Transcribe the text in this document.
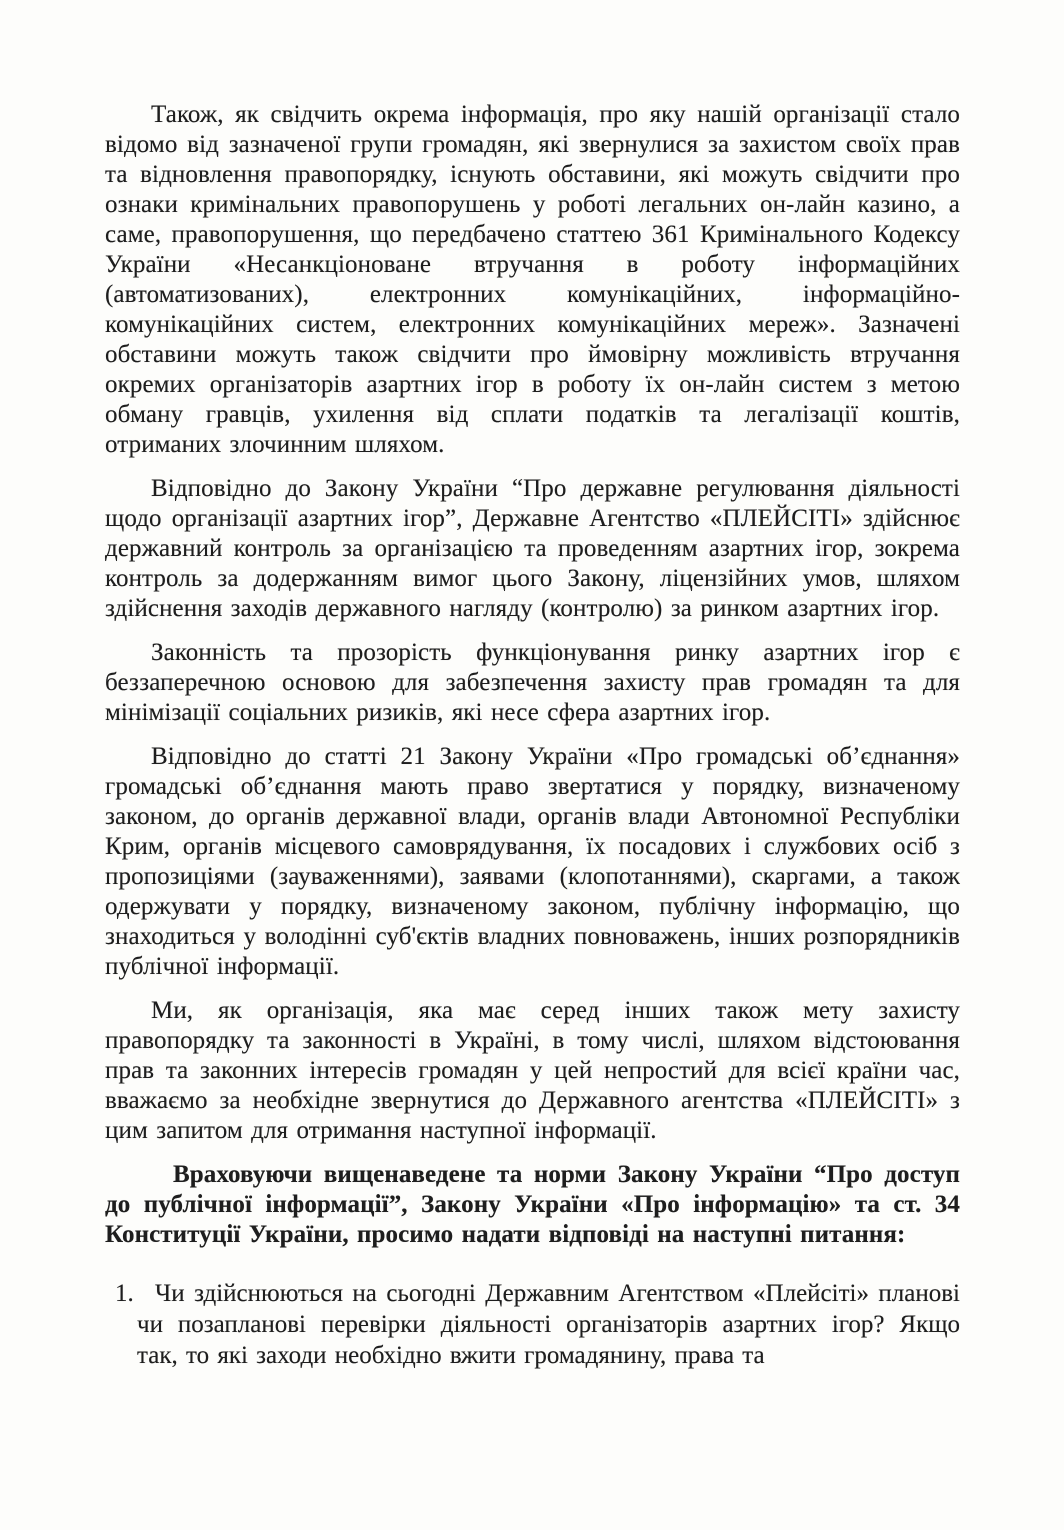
Також, як свідчить окрема інформація, про яку нашій організації стало відомо від зазначеної групи громадян, які звернулися за захистом своїх прав та відновлення правопорядку, існують обставини, які можуть свідчити про ознаки кримінальних правопорушень у роботі легальних он-лайн казино, а саме, правопорушення, що передбачено статтею 361 Кримінального Кодексу України «Несанкціоноване втручання в роботу інформаційних (автоматизованих), електронних комунікаційних, інформаційно-комунікаційних систем, електронних комунікаційних мереж». Зазначені обставини можуть також свідчити про ймовірну можливість втручання окремих організаторів азартних ігор в роботу їх он-лайн систем з метою обману гравців, ухилення від сплати податків та легалізації коштів, отриманих злочинним шляхом.

Відповідно до Закону України “Про державне регулювання діяльності щодо організації азартних ігор”, Державне Агентство «ПЛЕЙСІТІ» здійснює державний контроль за організацією та проведенням азартних ігор, зокрема контроль за додержанням вимог цього Закону, ліцензійних умов, шляхом здійснення заходів державного нагляду (контролю) за ринком азартних ігор.

Законність та прозорість функціонування ринку азартних ігор є беззаперечною основою для забезпечення захисту прав громадян та для мінімізації соціальних ризиків, які несе сфера азартних ігор.

Відповідно до статті 21 Закону України «Про громадські об’єднання» громадські об’єднання мають право звертатися у порядку, визначеному законом, до органів державної влади, органів влади Автономної Республіки Крим, органів місцевого самоврядування, їх посадових і службових осіб з пропозиціями (зауваженнями), заявами (клопотаннями), скаргами, а також одержувати у порядку, визначеному законом, публічну інформацію, що знаходиться у володінні суб'єктів владних повноважень, інших розпорядників публічної інформації.

Ми, як організація, яка має серед інших також мету захисту правопорядку та законності в Україні, в тому числі, шляхом відстоювання прав та законних інтересів громадян у цей непростий для всієї країни час, вважаємо за необхідне звернутися до Державного агентства «ПЛЕЙСІТІ» з цим запитом для отримання наступної інформації.

Враховуючи вищенаведене та норми Закону України “Про доступ до публічної інформації”, Закону України «Про інформацію» та ст. 34 Конституції України, просимо надати відповіді на наступні питання:

1. Чи здійснюються на сьогодні Державним Агентством «Плейсіті» планові чи позапланові перевірки діяльності організаторів азартних ігор? Якщо так, то які заходи необхідно вжити громадянину, права та
